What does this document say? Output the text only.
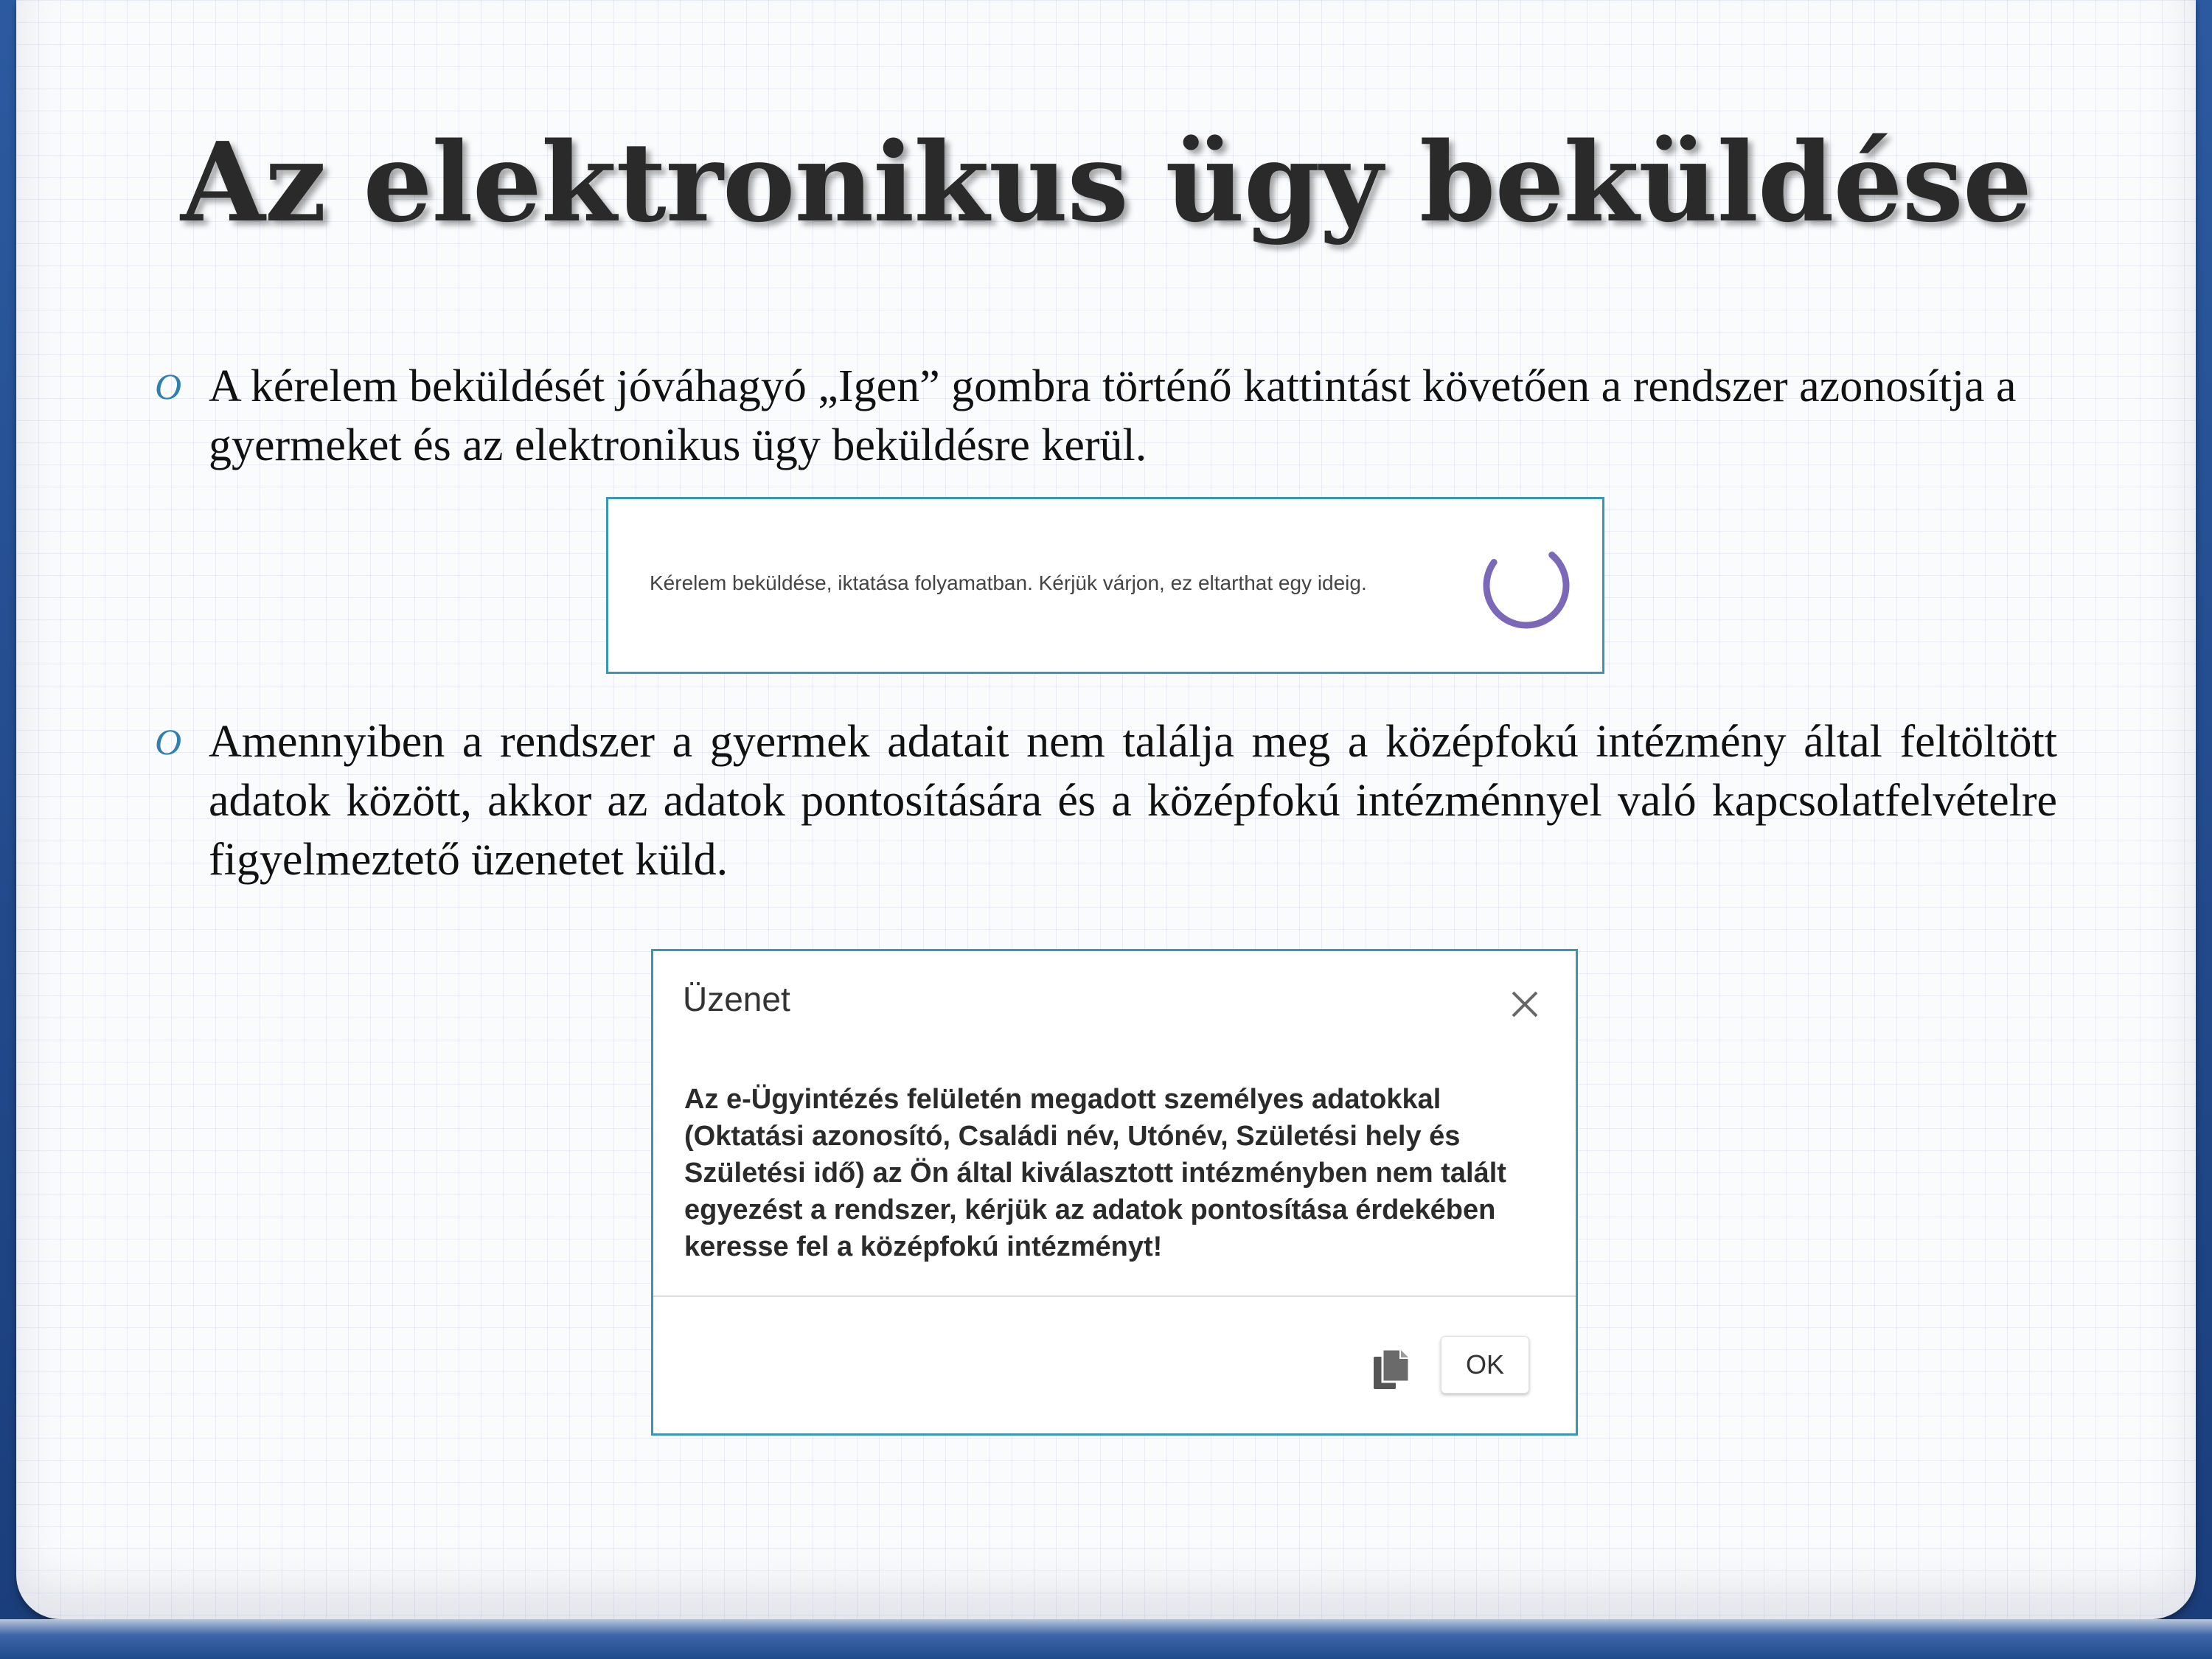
Az elektronikus ügy beküldése
O A kérelem beküldését jóváhagyó „Igen” gombra történő kattintást követően a rendszer azonosítja a gyermeket és az elektronikus ügy beküldésre kerül.
Kérelem beküldése, iktatása folyamatban. Kérjük várjon, ez eltarthat egy ideig.
O Amennyiben a rendszer a gyermek adatait nem találja meg a középfokú intézmény által feltöltött adatok között, akkor az adatok pontosítására és a középfokú intézménnyel való kapcsolatfelvételre figyelmeztető üzenetet küld.
Üzenet
Az e-Ügyintézés felületén megadott személyes adatokkal (Oktatási azonosító, Családi név, Utónév, Születési hely és Születési idő) az Ön által kiválasztott intézményben nem talált egyezést a rendszer, kérjük az adatok pontosítása érdekében keresse fel a középfokú intézményt!
OK
